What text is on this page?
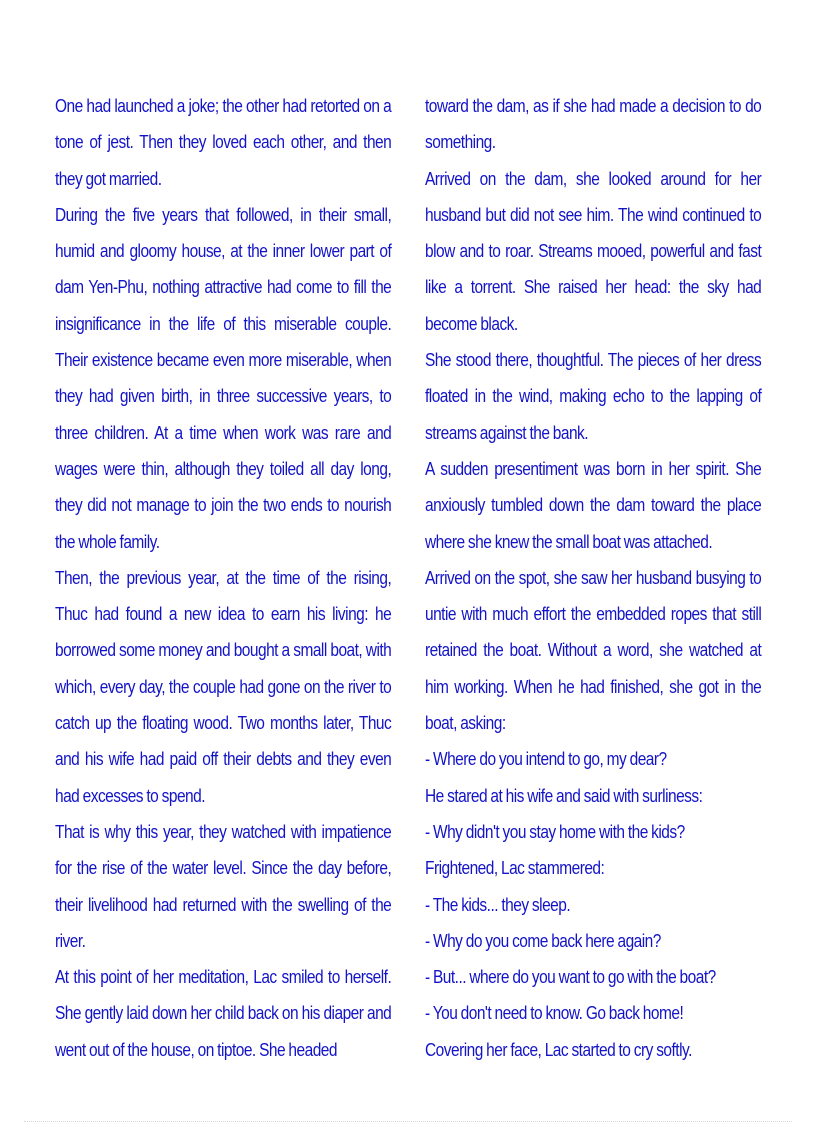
One had launched a joke; the other had retorted on a tone of jest. Then they loved each other, and then they got married.

During the five years that followed, in their small, humid and gloomy house, at the inner lower part of dam Yen-Phu, nothing attractive had come to fill the insignificance in the life of this miserable couple. Their existence became even more miserable, when they had given birth, in three successive years, to three children. At a time when work was rare and wages were thin, although they toiled all day long, they did not manage to join the two ends to nourish the whole family.

Then, the previous year, at the time of the rising, Thuc had found a new idea to earn his living: he borrowed some money and bought a small boat, with which, every day, the couple had gone on the river to catch up the floating wood. Two months later, Thuc and his wife had paid off their debts and they even had excesses to spend.

That is why this year, they watched with impatience for the rise of the water level. Since the day before, their livelihood had returned with the swelling of the river.

At this point of her meditation, Lac smiled to herself. She gently laid down her child back on his diaper and went out of the house, on tiptoe. She headed

toward the dam, as if she had made a decision to do something.

Arrived on the dam, she looked around for her husband but did not see him. The wind continued to blow and to roar. Streams mooed, powerful and fast like a torrent. She raised her head: the sky had become black.

She stood there, thoughtful. The pieces of her dress floated in the wind, making echo to the lapping of streams against the bank.

A sudden presentiment was born in her spirit. She anxiously tumbled down the dam toward the place where she knew the small boat was attached.

Arrived on the spot, she saw her husband busying to untie with much effort the embedded ropes that still retained the boat. Without a word, she watched at him working. When he had finished, she got in the boat, asking:

- Where do you intend to go, my dear?

He stared at his wife and said with surliness:

- Why didn't you stay home with the kids?

Frightened, Lac stammered:

- The kids... they sleep.

- Why do you come back here again?

- But... where do you want to go with the boat?

- You don't need to know. Go back home!

Covering her face, Lac started to cry softly.
